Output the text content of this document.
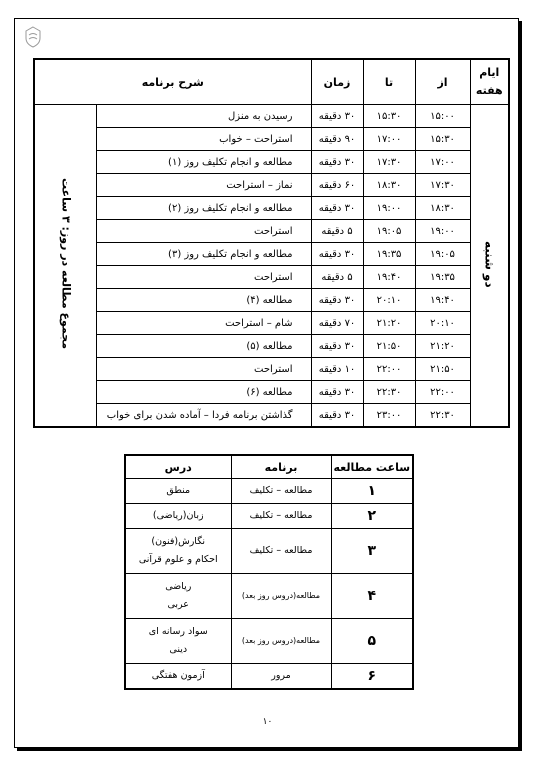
ایام
هفته	از	تا	زمان	شرح برنامه	
دو شنبه	۱۵:۰۰	۱۵:۳۰	۳۰ دقیقه	رسیدن به منزل	مجموع مطالعه در روز: ۳ ساعت
	۱۵:۳۰	۱۷:۰۰	۹۰ دقیقه	استراحت – خواب	
	۱۷:۰۰	۱۷:۳۰	۳۰ دقیقه	مطالعه و انجام تکلیف روز (۱)	
	۱۷:۳۰	۱۸:۳۰	۶۰ دقیقه	نماز – استراحت	
	۱۸:۳۰	۱۹:۰۰	۳۰ دقیقه	مطالعه و انجام تکلیف روز (۲)	
	۱۹:۰۰	۱۹:۰۵	۵ دقیقه	استراحت	
	۱۹:۰۵	۱۹:۳۵	۳۰ دقیقه	مطالعه و انجام تکلیف روز (۳)	
	۱۹:۳۵	۱۹:۴۰	۵ دقیقه	استراحت	
	۱۹:۴۰	۲۰:۱۰	۳۰ دقیقه	مطالعه (۴)	
	۲۰:۱۰	۲۱:۲۰	۷۰ دقیقه	شام – استراحت	
	۲۱:۲۰	۲۱:۵۰	۳۰ دقیقه	مطالعه (۵)	
	۲۱:۵۰	۲۲:۰۰	۱۰ دقیقه	استراحت	
	۲۲:۰۰	۲۲:۳۰	۳۰ دقیقه	مطالعه (۶)	
	۲۲:۳۰	۲۳:۰۰	۳۰ دقیقه	گذاشتن برنامه فردا – آماده شدن برای خواب	
ساعت مطالعه	برنامه	درس
۱	مطالعه – تکلیف	منطق

۲	مطالعه – تکلیف	زبان(ریاضی)

۳	مطالعه – تکلیف	نگارش(فنون)
احکام و علوم قرآنی

۴	مطالعه(دروس روز بعد)	ریاضی
عربی

۵	مطالعه(دروس روز بعد)	سواد رسانه ای
دینی

۶	مرور	آزمون هفتگی
۱۰
